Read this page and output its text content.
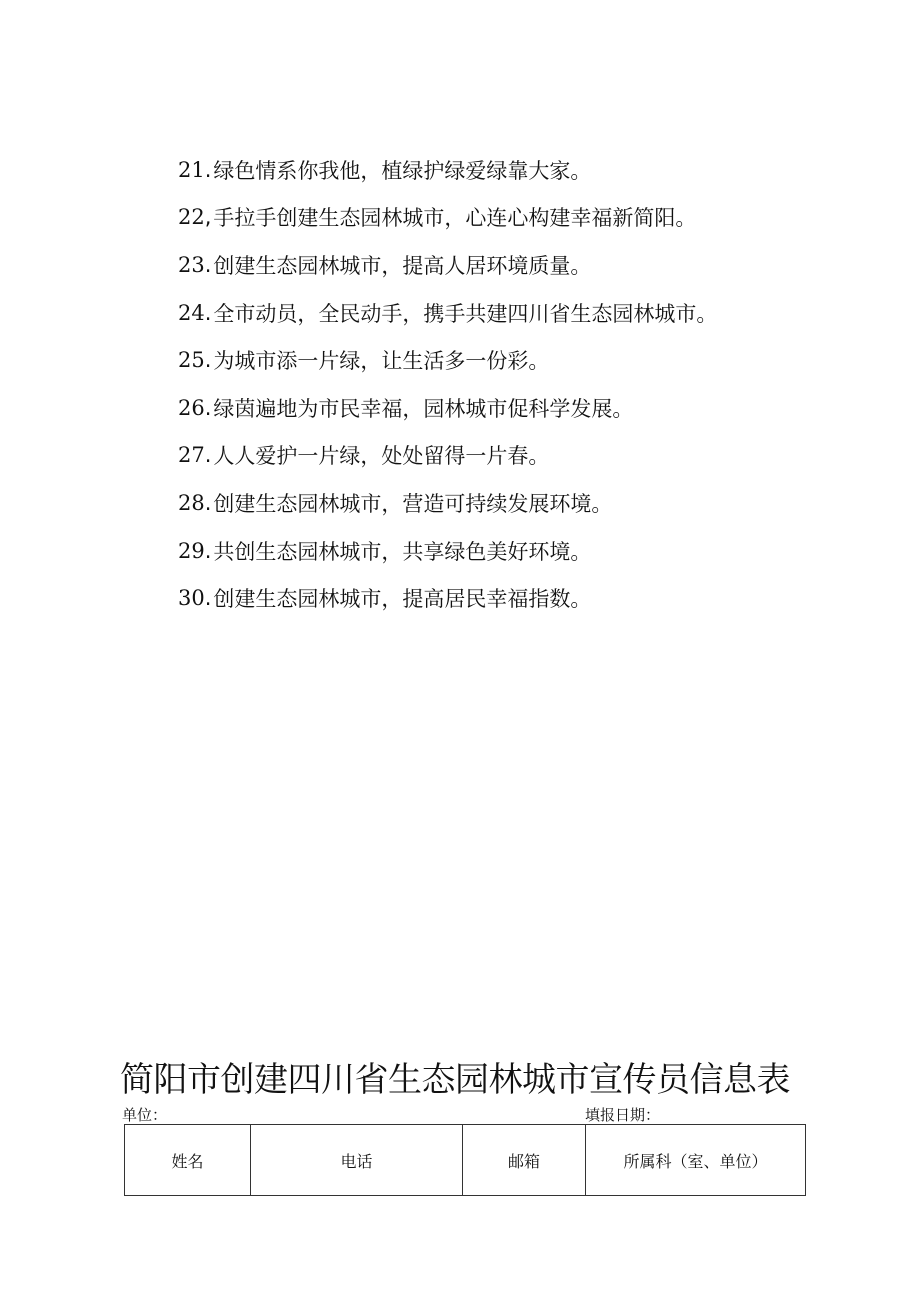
21 . 绿色情系你我他，植绿护绿爱绿靠大家。
22 , 手拉手创建生态园林城市，心连心构建幸福新简阳。
23 . 创建生态园林城市，提高人居环境质量。
24 . 全市动员，全民动手，携手共建四川省生态园林城市。
25 . 为城市添一片绿，让生活多一份彩。
26 . 绿茵遍地为市民幸福，园林城市促科学发展。
27 . 人人爱护一片绿，处处留得一片春。
28 . 创建生态园林城市，营造可持续发展环境。
29 . 共创生态园林城市，共享绿色美好环境。
30 . 创建生态园林城市，提高居民幸福指数。
简阳市创建四川省生态园林城市宣传员信息表
单位：	填报日期：
姓名	电话	邮箱	所属科（室、单位）
